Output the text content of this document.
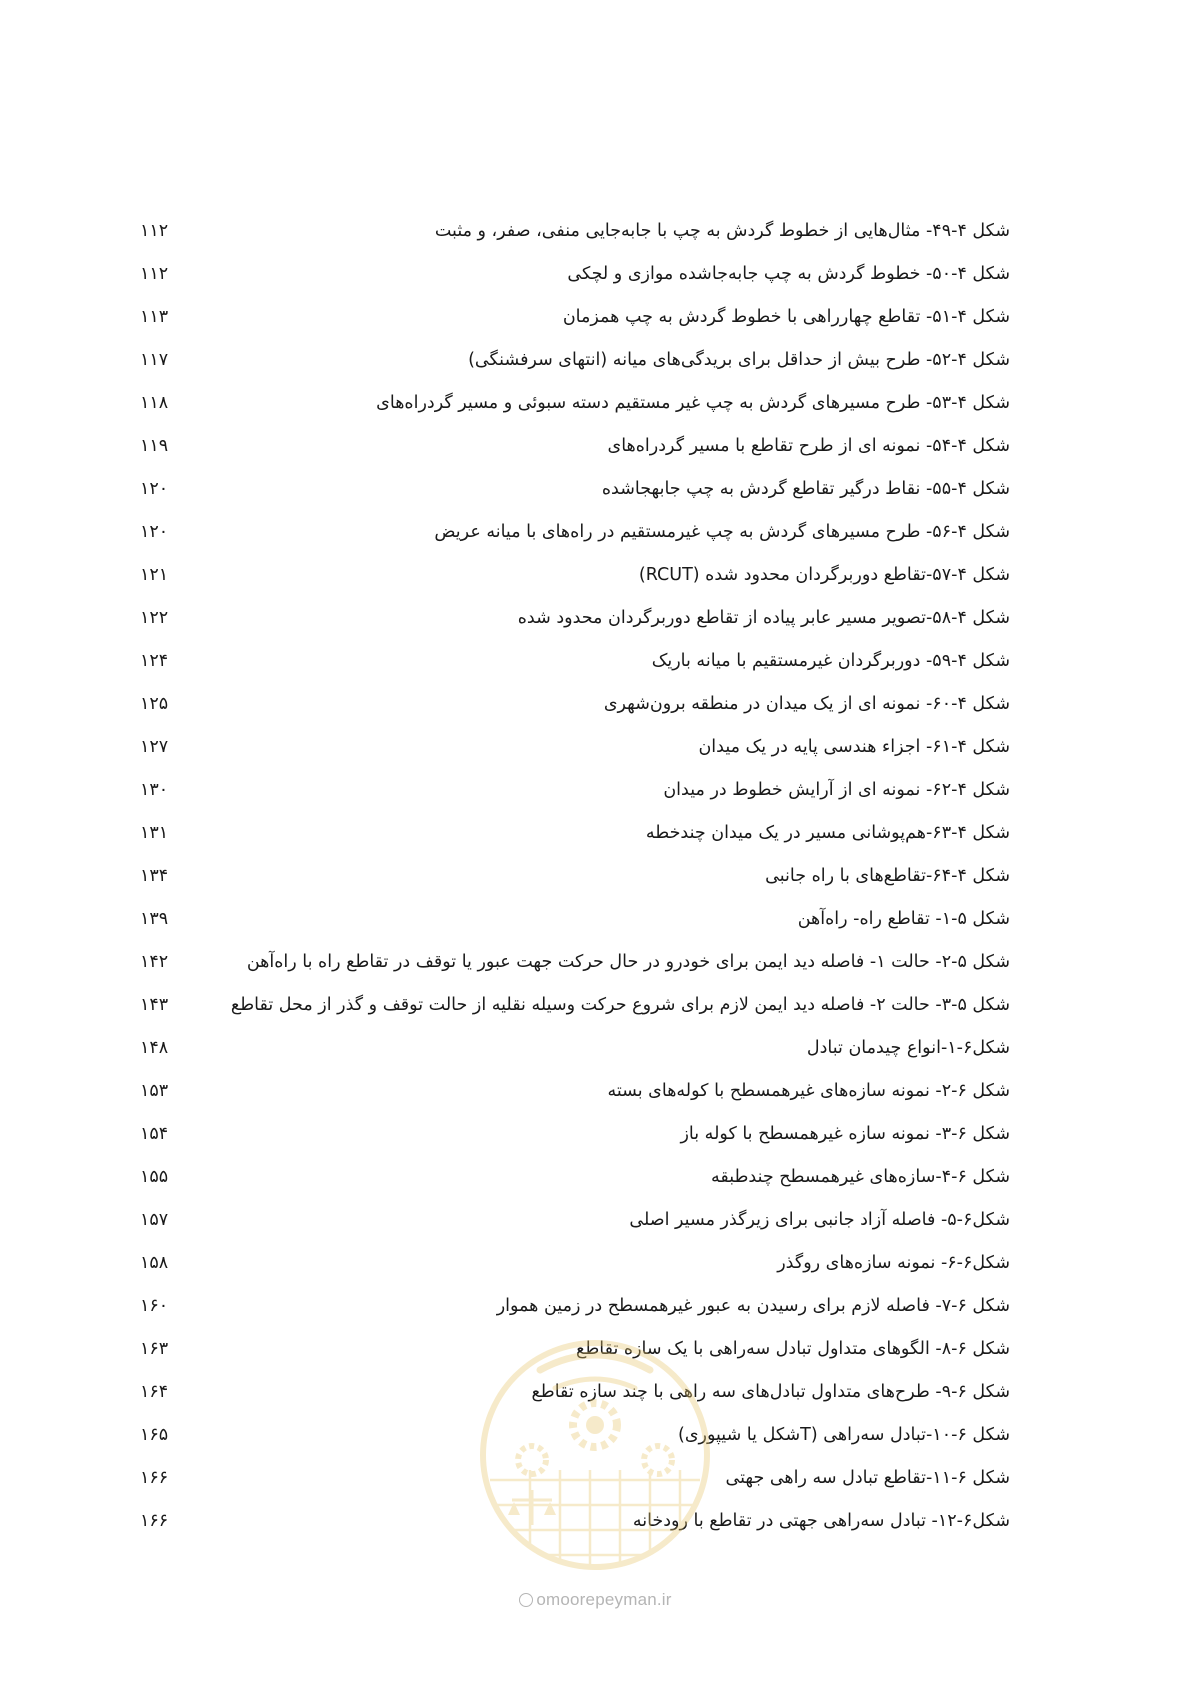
شکل ۴-۴۹- مثال‌هایی از خطوط گردش به چپ با جابه‌جایی منفی، صفر، و مثبت
۱۱۲
شکل ۴-۵۰- خطوط گردش به چپ جابه‌جاشده موازی و لچکی
۱۱۲
شکل ۴-۵۱- تقاطع چهارراهی با خطوط گردش به چپ همزمان
۱۱۳
شکل ۴-۵۲- طرح بیش از حداقل برای بریدگی‌های میانه (انتهای سرفشنگی)
۱۱۷
شکل ۴-۵۳- طرح مسیرهای گردش به چپ غیر مستقیم دسته سبوئی و مسیر گردراه‌های
۱۱۸
شکل ۴-۵۴- نمونه ای از طرح تقاطع با مسیر گردراه‌های
۱۱۹
شکل ۴-۵۵- نقاط درگیر تقاطع گردش به چپ جابهجاشده
۱۲۰
شکل ۴-۵۶- طرح مسیرهای گردش به چپ غیرمستقیم در راه‌های با میانه عریض
۱۲۰
شکل ۴-۵۷-تقاطع دوربرگردان محدود شده (RCUT)
۱۲۱
شکل ۴-۵۸-تصویر مسیر عابر پیاده از تقاطع دوربرگردان محدود شده
۱۲۲
شکل ۴-۵۹- دوربرگردان غیرمستقیم با میانه باریک
۱۲۴
شکل ۴-۶۰- نمونه ای از یک میدان در منطقه برون‌شهری
۱۲۵
شکل ۴-۶۱- اجزاء هندسی پایه در یک میدان
۱۲۷
شکل ۴-۶۲- نمونه ای از آرایش خطوط در میدان
۱۳۰
شکل ۴-۶۳-هم‌پوشانی مسیر در یک میدان چندخطه
۱۳۱
شکل ۴-۶۴-تقاطع‌های با راه جانبی
۱۳۴
شکل ۵-۱- تقاطع راه- راه‌آهن
۱۳۹
شکل ۵-۲- حالت ۱- فاصله دید ایمن برای خودرو در حال حرکت جهت عبور یا توقف در تقاطع راه با راه‌آهن
۱۴۲
شکل ۵-۳- حالت ۲- فاصله دید ایمن لازم برای شروع حرکت وسیله نقلیه از حالت توقف و گذر از محل تقاطع
۱۴۳
شکل۶-۱-انواع چیدمان تبادل
۱۴۸
شکل ۶-۲- نمونه سازه‌های غیرهمسطح با کوله‌های بسته
۱۵۳
شکل ۶-۳- نمونه سازه غیرهمسطح با کوله باز
۱۵۴
شکل ۶-۴-سازه‌های غیرهمسطح چندطبقه
۱۵۵
شکل۶-۵- فاصله آزاد جانبی برای زیرگذر مسیر اصلی
۱۵۷
شکل۶-۶- نمونه سازه‌های روگذر
۱۵۸
شکل ۶-۷- فاصله لازم برای رسیدن به عبور غیرهمسطح در زمین هموار
۱۶۰
شکل ۶-۸- الگوهای متداول تبادل سه‌راهی با یک سازه تقاطع
۱۶۳
شکل ۶-۹- طرح‌های متداول تبادل‌های سه راهی با چند سازه تقاطع
۱۶۴
شکل ۶-۱۰-تبادل سه‌راهی (Tشکل یا شیپوری)
۱۶۵
شکل ۶-۱۱-تقاطع تبادل سه راهی جهتی
۱۶۶
شکل۶-۱۲- تبادل سه‌راهی جهتی در تقاطع با رودخانه
۱۶۶
omoorepeyman.ir
